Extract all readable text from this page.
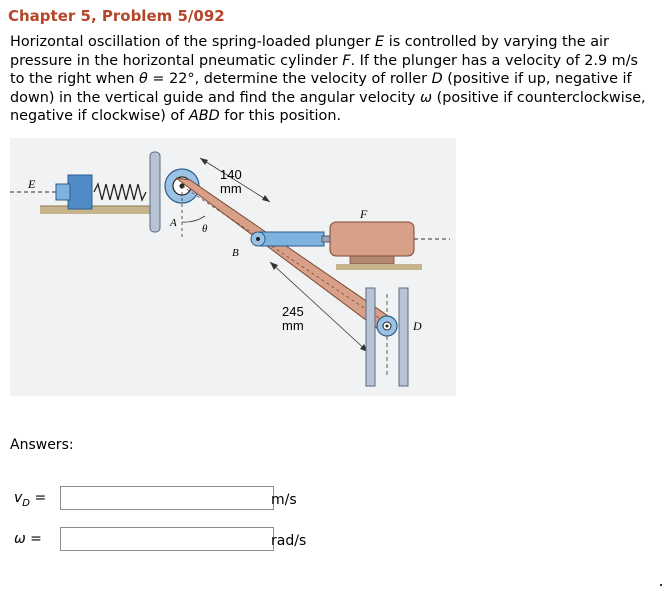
Chapter 5, Problem 5/092
Horizontal oscillation of the spring-loaded plunger E is controlled by varying the air pressure in the horizontal pneumatic cylinder F. If the plunger has a velocity of 2.9 m/s to the right when θ = 22°, determine the velocity of roller D (positive if up, negative if down) in the vertical guide and find the angular velocity ω (positive if counterclockwise, negative if clockwise) of ABD for this position.
E
A θ
F
B
140
mm
245
mm	D
Answers:
$v_D$ =	m/s
ω =	rad/s
